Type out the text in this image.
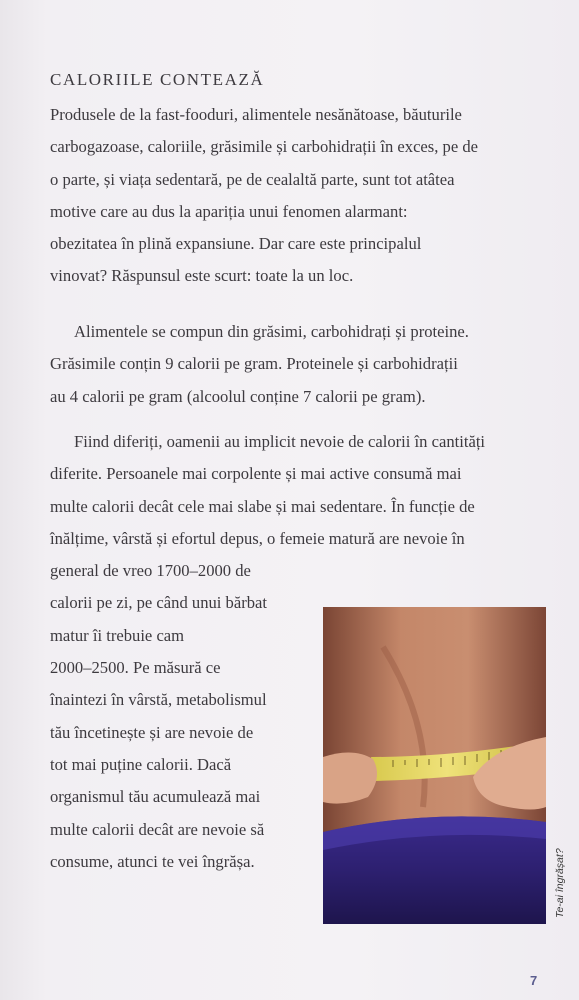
CALORIILE CONTEAZĂ
Produsele de la fast-fooduri, alimentele nesănătoase, băuturile
carbogazoase, caloriile, grăsimile și carbohidrații în exces, pe de
o parte, și viața sedentară, pe de cealaltă parte, sunt tot atâtea
motive care au dus la apariția unui fenomen alarmant:
obezitatea în plină expansiune. Dar care este principalul
vinovat? Răspunsul este scurt: toate la un loc.
Alimentele se compun din grăsimi, carbohidrați și proteine.
Grăsimile conțin 9 calorii pe gram. Proteinele și carbohidrații
au 4 calorii pe gram (alcoolul conține 7 calorii pe gram).
Fiind diferiți, oamenii au implicit nevoie de calorii în cantități
diferite. Persoanele mai corpolente și mai active consumă mai
multe calorii decât cele mai slabe și mai sedentare. În funcție de
înălțime, vârstă și efortul depus, o femeie matură are nevoie în
general de vreo 1700–2000 de
calorii pe zi, pe când unui bărbat
matur îi trebuie cam
2000–2500. Pe măsură ce
înaintezi în vârstă, metabolismul
tău încetinește și are nevoie de
tot mai puține calorii. Dacă
organismul tău acumulează mai
multe calorii decât are nevoie să
consume, atunci te vei îngrășa.	Te-ai îngrășat?
7
